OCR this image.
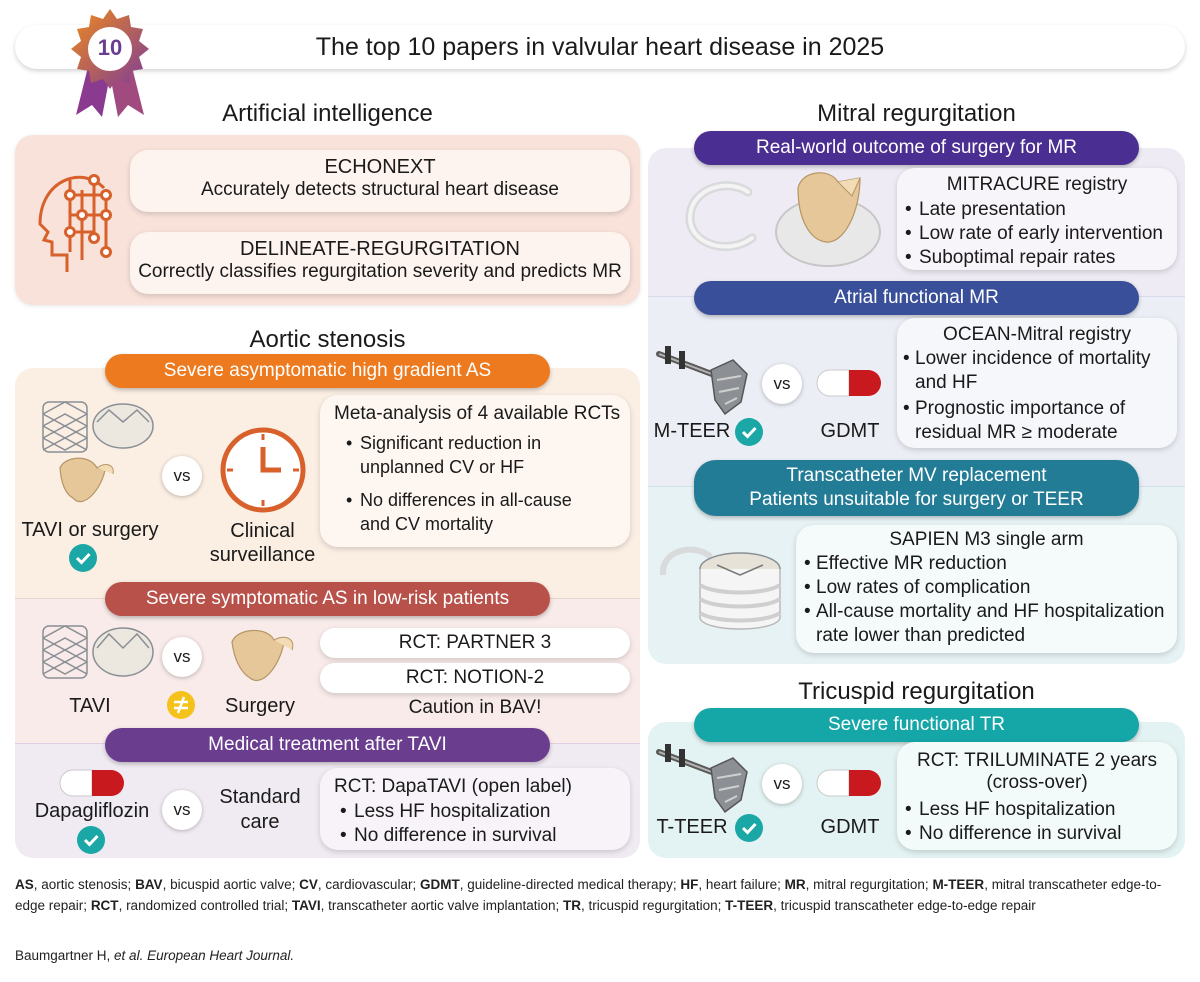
The top 10 papers in valvular heart disease in 2025
10
Artificial intelligence
ECHONEXT
Accurately detects structural heart disease
DELINEATE-REGURGITATION
Correctly classifies regurgitation severity and predicts MR
Aortic stenosis
Severe asymptomatic high gradient AS
TAVI or surgery
vs
Clinical
surveillance
Meta-analysis of 4 available RCTs
Significant reduction in
unplanned CV or HF
No differences in all-cause
and CV mortality
•
•
Severe symptomatic AS in low-risk patients
TAVI
vs
Surgery
RCT: PARTNER 3
RCT: NOTION-2
Caution in BAV!
Medical treatment after TAVI
Dapagliflozin	vs
Standard
care
RCT: DapaTAVI (open label)
• Less HF hospitalization
• No difference in survival
Mitral regurgitation
Real-world outcome of surgery for MR
MITRACURE registry
• Late presentation
• Low rate of early intervention
• Suboptimal repair rates
Atrial functional MR
M-TEER
vs
GDMT
OCEAN-Mitral registry
• Lower incidence of mortality
and HF
• Prognostic importance of
residual MR ≥ moderate
Transcatheter MV replacement
Patients unsuitable for surgery or TEER
SAPIEN M3 single arm
• Effective MR reduction
• Low rates of complication
• All-cause mortality and HF hospitalization
rate lower than predicted
Tricuspid regurgitation
Severe functional TR
T-TEER
vs
GDMT
RCT: TRILUMINATE 2 years
(cross-over)
• Less HF hospitalization
• No difference in survival
AS, aortic stenosis; BAV, bicuspid aortic valve; CV, cardiovascular; GDMT, guideline-directed medical therapy; HF, heart failure; MR, mitral regurgitation; M-TEER, mitral transcatheter edge-to-edge repair; RCT, randomized controlled trial; TAVI, transcatheter aortic valve implantation; TR, tricuspid regurgitation; T-TEER, tricuspid transcatheter edge-to-edge repair
Baumgartner H, et al. European Heart Journal.
